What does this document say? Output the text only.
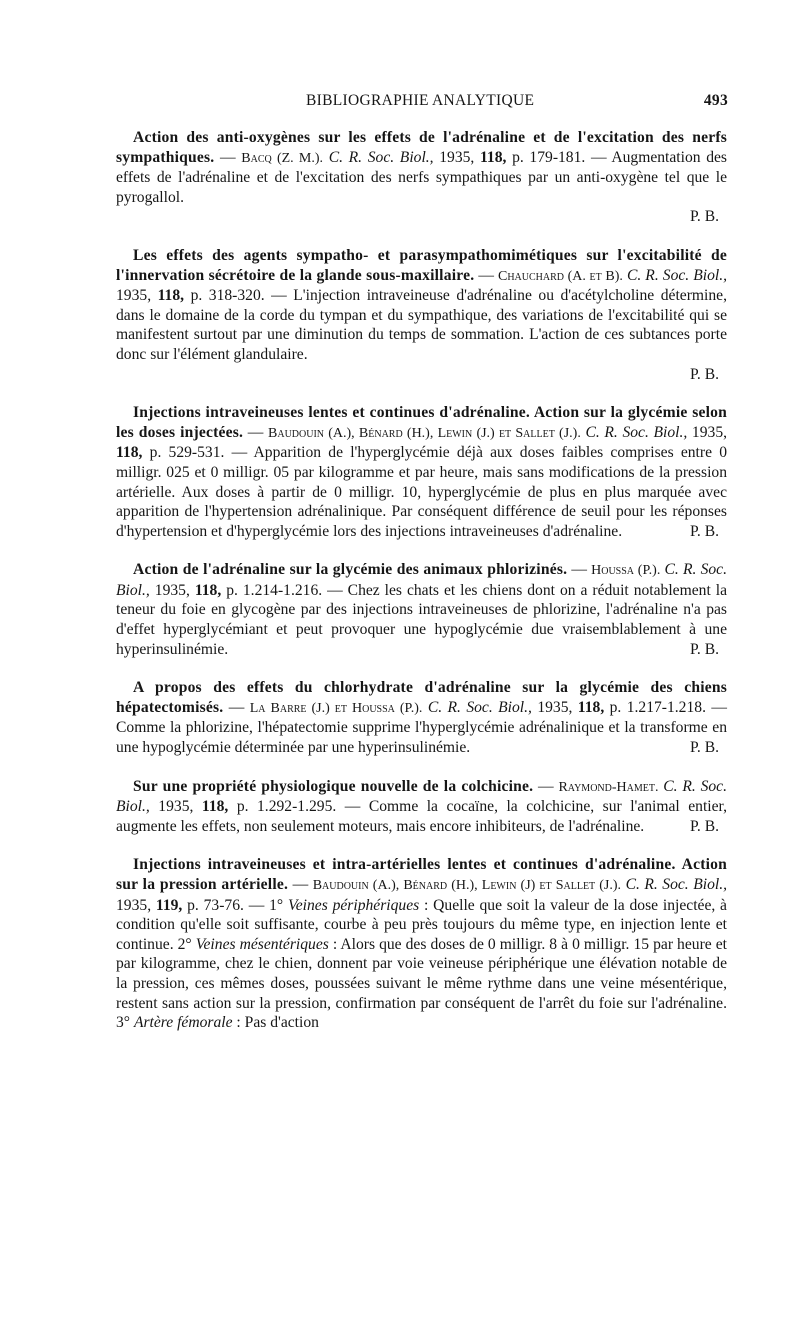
BIBLIOGRAPHIE ANALYTIQUE	493

Action des anti-oxygènes sur les effets de l'adrénaline et de l'excitation des nerfs sympathiques. — Bacq (Z. M.). C. R. Soc. Biol., 1935, 118, p. 179-181. — Augmentation des effets de l'adrénaline et de l'excitation des nerfs sympathiques par un anti-oxygène tel que le pyrogallol.

P. B.

Les effets des agents sympatho- et parasympathomimétiques sur l'excitabilité de l'innervation sécrétoire de la glande sous-maxillaire. — Chauchard (A. et B). C. R. Soc. Biol., 1935, 118, p. 318-320. — L'injection intraveineuse d'adrénaline ou d'acétylcholine détermine, dans le domaine de la corde du tympan et du sympathique, des variations de l'excitabilité qui se manifestent surtout par une diminution du temps de sommation. L'action de ces subtances porte donc sur l'élément glandulaire.

P. B.

Injections intraveineuses lentes et continues d'adrénaline. Action sur la glycémie selon les doses injectées. — Baudouin (A.), Bénard (H.), Lewin (J.) et Sallet (J.). C. R. Soc. Biol., 1935, 118, p. 529-531. — Apparition de l'hyperglycémie déjà aux doses faibles comprises entre 0 milligr. 025 et 0 milligr. 05 par kilogramme et par heure, mais sans modifications de la pression artérielle. Aux doses à partir de 0 milligr. 10, hyperglycémie de plus en plus marquée avec apparition de l'hypertension adrénalinique. Par conséquent différence de seuil pour les réponses d'hypertension et d'hyperglycémie lors des injections intraveineuses d'adrénaline.	P. B.

Action de l'adrénaline sur la glycémie des animaux phlorizinés. — Houssa (P.). C. R. Soc. Biol., 1935, 118, p. 1.214-1.216. — Chez les chats et les chiens dont on a réduit notablement la teneur du foie en glycogène par des injections intraveineuses de phlorizine, l'adrénaline n'a pas d'effet hyperglycémiant et peut provoquer une hypoglycémie due vraisemblablement à une hyperinsulinémie.	P. B.

A propos des effets du chlorhydrate d'adrénaline sur la glycémie des chiens hépatectomisés. — La Barre (J.) et Houssa (P.). C. R. Soc. Biol., 1935, 118, p. 1.217-1.218. — Comme la phlorizine, l'hépatectomie supprime l'hyperglycémie adrénalinique et la transforme en une hypoglycémie déterminée par une hyperinsulinémie.	P. B.

Sur une propriété physiologique nouvelle de la colchicine. — Raymond-Hamet. C. R. Soc. Biol., 1935, 118, p. 1.292-1.295. — Comme la cocaïne, la colchicine, sur l'animal entier, augmente les effets, non seulement moteurs, mais encore inhibiteurs, de l'adrénaline.	P. B.

Injections intraveineuses et intra-artérielles lentes et continues d'adrénaline. Action sur la pression artérielle. — Baudouin (A.), Bénard (H.), Lewin (J) et Sallet (J.). C. R. Soc. Biol., 1935, 119, p. 73-76. — 1° Veines périphériques : Quelle que soit la valeur de la dose injectée, à condition qu'elle soit suffisante, courbe à peu près toujours du même type, en injection lente et continue. 2° Veines mésentériques : Alors que des doses de 0 milligr. 8 à 0 milligr. 15 par heure et par kilogramme, chez le chien, donnent par voie veineuse périphérique une élévation notable de la pression, ces mêmes doses, poussées suivant le même rythme dans une veine mésentérique, restent sans action sur la pression, confirmation par conséquent de l'arrêt du foie sur l'adrénaline. 3° Artère fémorale : Pas d'action
